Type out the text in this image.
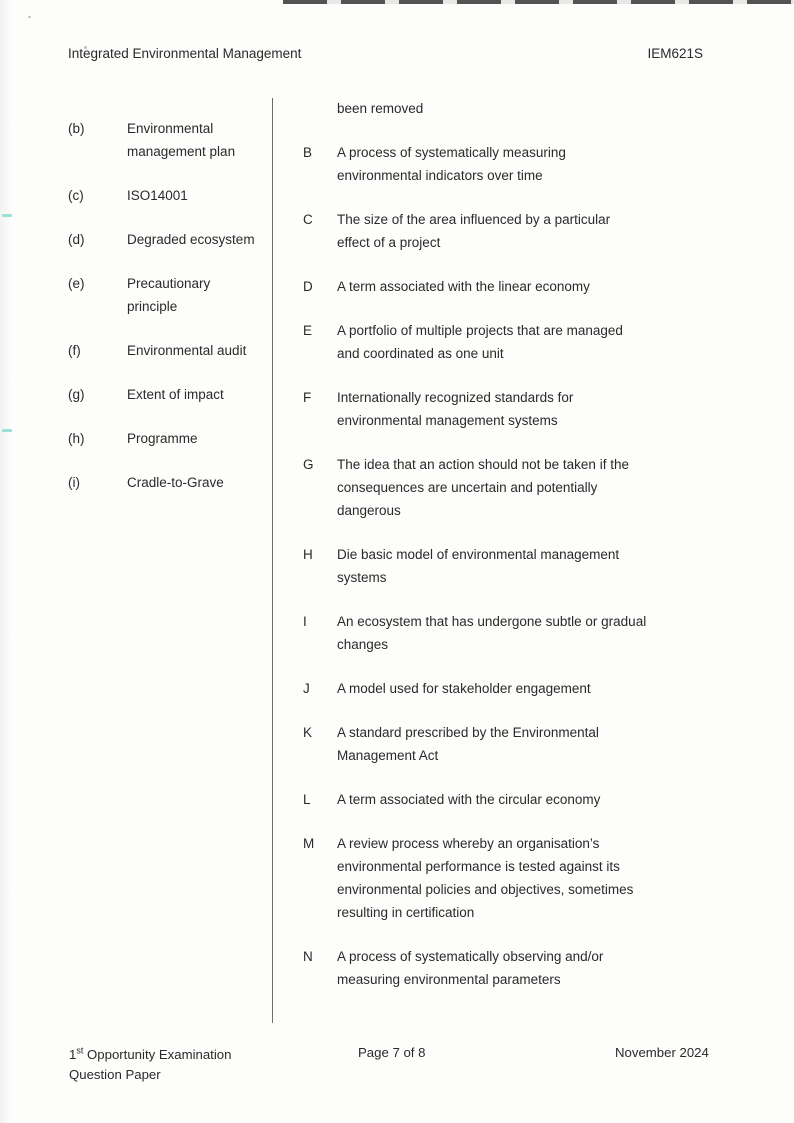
Integrated Environmental Management	IEM621S
(b)	Environmental
management plan
(c)	ISO14001
(d)	Degraded ecosystem
(e)	Precautionary
principle
(f)	Environmental audit
(g)	Extent of impact
(h)	Programme
(i)	Cradle-to-Grave
been removed
B	A process of systematically measuring
environmental indicators over time
C	The size of the area influenced by a particular
effect of a project
D	A term associated with the linear economy
E	A portfolio of multiple projects that are managed
and coordinated as one unit
F	Internationally recognized standards for
environmental management systems
G	The idea that an action should not be taken if the
consequences are uncertain and potentially
dangerous
H	Die basic model of environmental management
systems
I	An ecosystem that has undergone subtle or gradual
changes
J	A model used for stakeholder engagement
K	A standard prescribed by the Environmental
Management Act
L	A term associated with the circular economy
M	A review process whereby an organisation’s
environmental performance is tested against its
environmental policies and objectives, sometimes
resulting in certification
N	A process of systematically observing and/or
measuring environmental parameters
1st Opportunity Examination
Question Paper
Page 7 of 8	November 2024
